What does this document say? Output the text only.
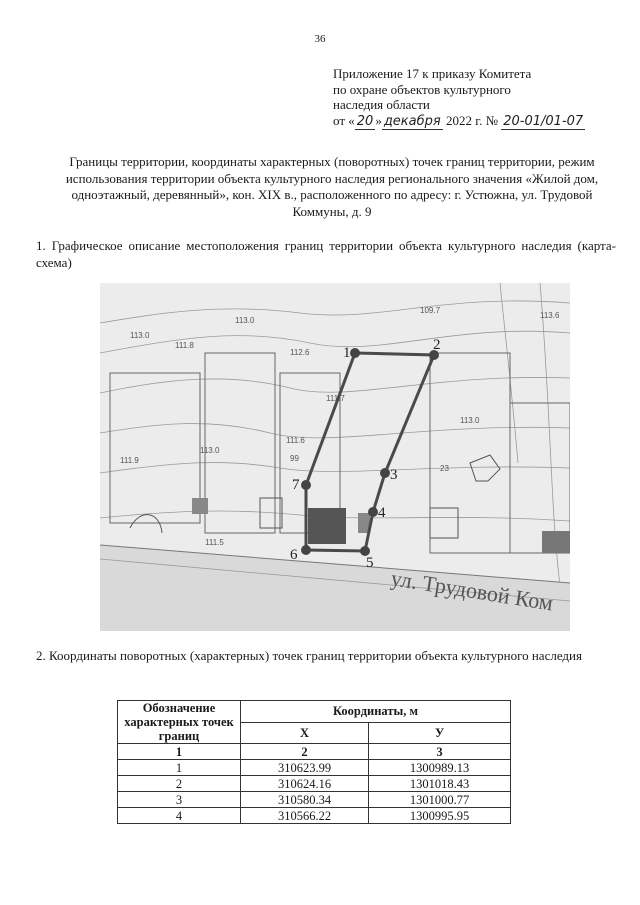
36
Приложение 17 к приказу Комитета
по охране объектов культурного
наследия области
от « 20 » декабря 2022 г. № 20-01/01-07
Границы территории, координаты характерных (поворотных) точек границ территории, режим использования территории объекта культурного наследия регионального значения «Жилой дом, одноэтажный, деревянный», кон. XIX в., расположенного по адресу: г. Устюжна, ул. Трудовой Коммуны, д. 9
1. Графическое описание местоположения границ территории объекта культурного наследия (карта-схема)
1	2
3
4
5
6
7
99
23
113.0
112.6
113.0
111.7
111.6
113.0
111.9
109.7
111.8
111.5
113.0
113.6
ул. Трудовой Ком
2. Координаты поворотных (характерных) точек границ территории объекта культурного наследия
Обозначение характерных точек границ	Координаты, м	
	X	У
1	2	3
1	310623.99	1300989.13
2	310624.16	1301018.43
3	310580.34	1301000.77
4	310566.22	1300995.95
